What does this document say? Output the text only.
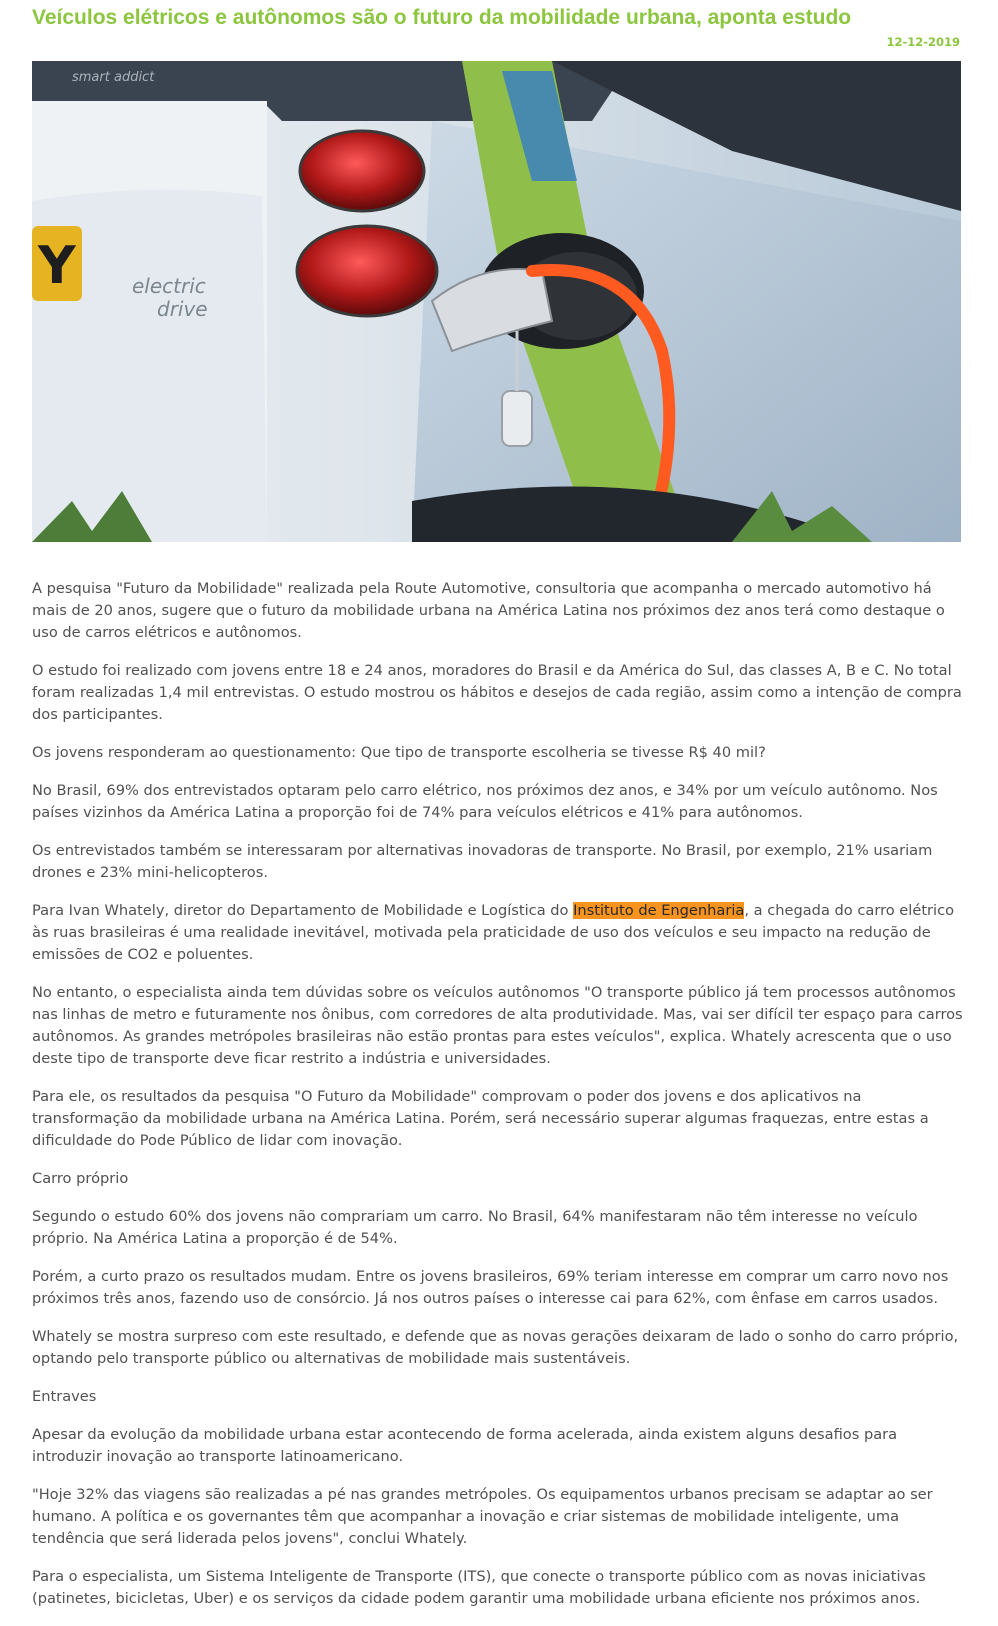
Veículos elétricos e autônomos são o futuro da mobilidade urbana, aponta estudo
12-12-2019
Y	electric
drive
smart addict

A pesquisa "Futuro da Mobilidade" realizada pela Route Automotive, consultoria que acompanha o mercado automotivo há mais de 20 anos, sugere que o futuro da mobilidade urbana na América Latina nos próximos dez anos terá como destaque o uso de carros elétricos e autônomos.

O estudo foi realizado com jovens entre 18 e 24 anos, moradores do Brasil e da América do Sul, das classes A, B e C. No total foram realizadas 1,4 mil entrevistas. O estudo mostrou os hábitos e desejos de cada região, assim como a intenção de compra dos participantes.

Os jovens responderam ao questionamento: Que tipo de transporte escolheria se tivesse R$ 40 mil?

No Brasil, 69% dos entrevistados optaram pelo carro elétrico, nos próximos dez anos, e 34% por um veículo autônomo. Nos países vizinhos da América Latina a proporção foi de 74% para veículos elétricos e 41% para autônomos.

Os entrevistados também se interessaram por alternativas inovadoras de transporte. No Brasil, por exemplo, 21% usariam drones e 23% mini-helicopteros.

Para Ivan Whately, diretor do Departamento de Mobilidade e Logística do Instituto de Engenharia, a chegada do carro elétrico às ruas brasileiras é uma realidade inevitável, motivada pela praticidade de uso dos veículos e seu impacto na redução de emissões de CO2 e poluentes.

No entanto, o especialista ainda tem dúvidas sobre os veículos autônomos "O transporte público já tem processos autônomos nas linhas de metro e futuramente nos ônibus, com corredores de alta produtividade. Mas, vai ser difícil ter espaço para carros autônomos. As grandes metrópoles brasileiras não estão prontas para estes veículos", explica. Whately acrescenta que o uso deste tipo de transporte deve ficar restrito a indústria e universidades.

Para ele, os resultados da pesquisa "O Futuro da Mobilidade" comprovam o poder dos jovens e dos aplicativos na transformação da mobilidade urbana na América Latina. Porém, será necessário superar algumas fraquezas, entre estas a dificuldade do Pode Público de lidar com inovação.

Carro próprio

Segundo o estudo 60% dos jovens não comprariam um carro. No Brasil, 64% manifestaram não têm interesse no veículo próprio. Na América Latina a proporção é de 54%.

Porém, a curto prazo os resultados mudam. Entre os jovens brasileiros, 69% teriam interesse em comprar um carro novo nos próximos três anos, fazendo uso de consórcio. Já nos outros países o interesse cai para 62%, com ênfase em carros usados.

Whately se mostra surpreso com este resultado, e defende que as novas gerações deixaram de lado o sonho do carro próprio, optando pelo transporte público ou alternativas de mobilidade mais sustentáveis.

Entraves

Apesar da evolução da mobilidade urbana estar acontecendo de forma acelerada, ainda existem alguns desafios para introduzir inovação ao transporte latinoamericano.

"Hoje 32% das viagens são realizadas a pé nas grandes metrópoles. Os equipamentos urbanos precisam se adaptar ao ser humano. A política e os governantes têm que acompanhar a inovação e criar sistemas de mobilidade inteligente, uma tendência que será liderada pelos jovens", conclui Whately.

Para o especialista, um Sistema Inteligente de Transporte (ITS), que conecte o transporte público com as novas iniciativas (patinetes, bicicletas, Uber) e os serviços da cidade podem garantir uma mobilidade urbana eficiente nos próximos anos.
